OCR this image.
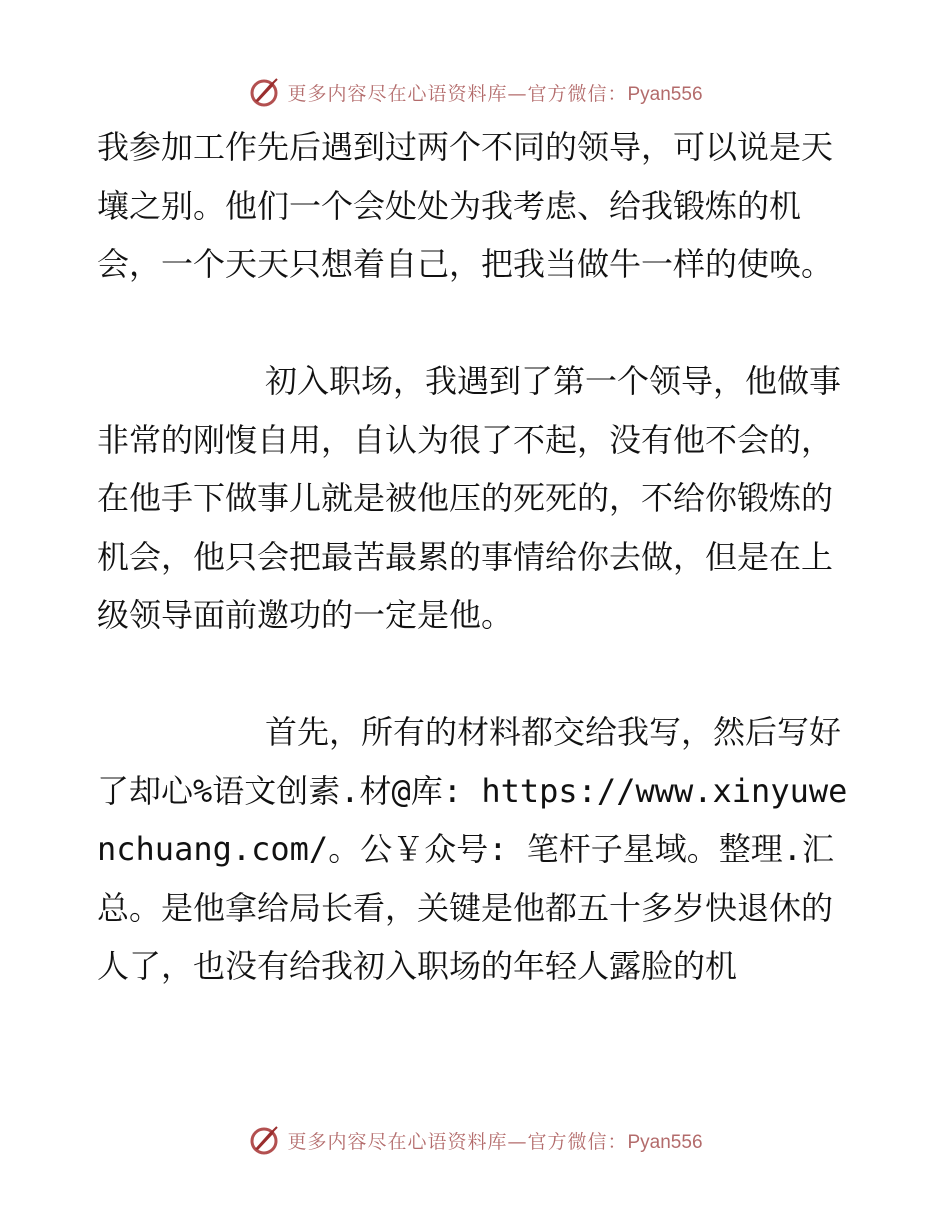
更多内容尽在心语资料库—官方微信：Pyan556

我参加工作先后遇到过两个不同的领导，可以说是天壤之别。他们一个会处处为我考虑、给我锻炼的机会，一个天天只想着自己，把我当做牛一样的使唤。

初入职场，我遇到了第一个领导，他做事非常的刚愎自用，自认为很了不起，没有他不会的，在他手下做事儿就是被他压的死死的，不给你锻炼的机会，他只会把最苦最累的事情给你去做，但是在上级领导面前邀功的一定是他。

首先，所有的材料都交给我写，然后写好了却心%语文创素.材@库: https://www.xinyuwenchuang.com/。公￥众号: 笔杆子星域。整理.汇总。是他拿给局长看，关键是他都五十多岁快退休的人了，也没有给我初入职场的年轻人露脸的机

更多内容尽在心语资料库—官方微信：Pyan556
